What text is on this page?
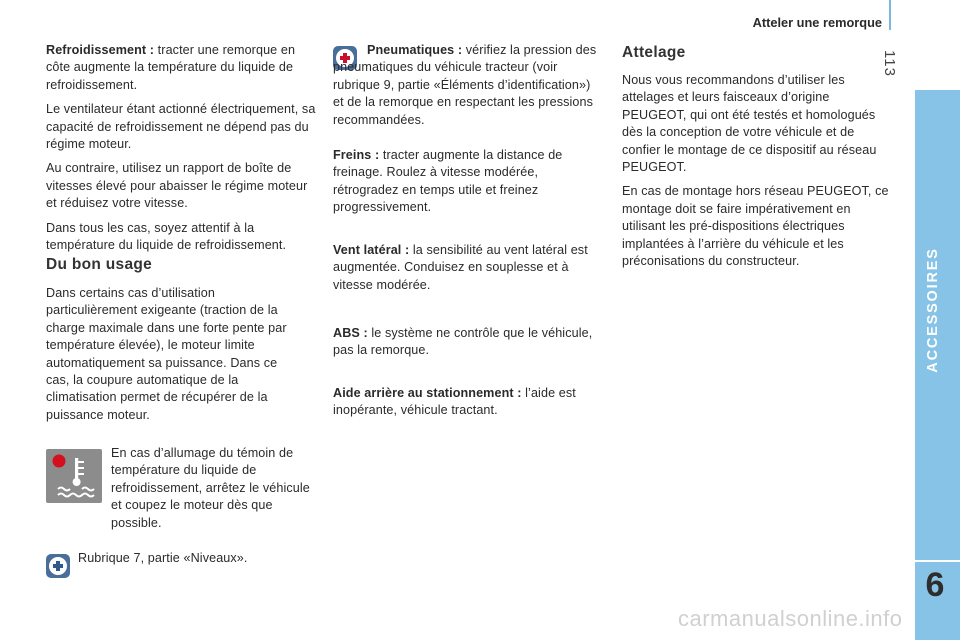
Atteler une remorque
113
ACCESSOIRES
6

Refroidissement : tracter une remorque en côte augmente la température du liquide de refroidissement.

Le ventilateur étant actionné électriquement, sa capacité de refroidissement ne dépend pas du régime moteur.

Au contraire, utilisez un rapport de boîte de vitesses élevé pour abaisser le régime moteur et réduisez votre vitesse.

Dans tous les cas, soyez attentif à la température du liquide de refroidissement.

Du bon usage

Dans certains cas d’utilisation particulièrement exigeante (traction de la charge maximale dans une forte pente par température élevée), le moteur limite automatiquement sa puissance. Dans ce cas, la coupure automatique de la climatisation permet de récupérer de la puissance moteur.

En cas d’allumage du témoin de température du liquide de refroidissement, arrêtez le véhicule et coupez le moteur dès que possible.

Rubrique 7, partie «Niveaux».

Pneumatiques : vérifiez la pression des pneumatiques du véhicule tracteur (voir rubrique 9, partie «Éléments d’identification») et de la remorque en respectant les pressions recommandées.

Freins : tracter augmente la distance de freinage. Roulez à vitesse modérée, rétrogradez en temps utile et freinez progressivement.

Vent latéral : la sensibilité au vent latéral est augmentée. Conduisez en souplesse et à vitesse modérée.

ABS : le système ne contrôle que le véhicule, pas la remorque.

Aide arrière au stationnement : l’aide est inopérante, véhicule tractant.

Attelage

Nous vous recommandons d’utiliser les attelages et leurs faisceaux d’origine PEUGEOT, qui ont été testés et homologués dès la conception de votre véhicule et de confier le montage de ce dispositif au réseau PEUGEOT.

En cas de montage hors réseau PEUGEOT, ce montage doit se faire impérativement en utilisant les pré-dispositions électriques implantées à l’arrière du véhicule et les préconisations du constructeur.

carmanualsonline.info
